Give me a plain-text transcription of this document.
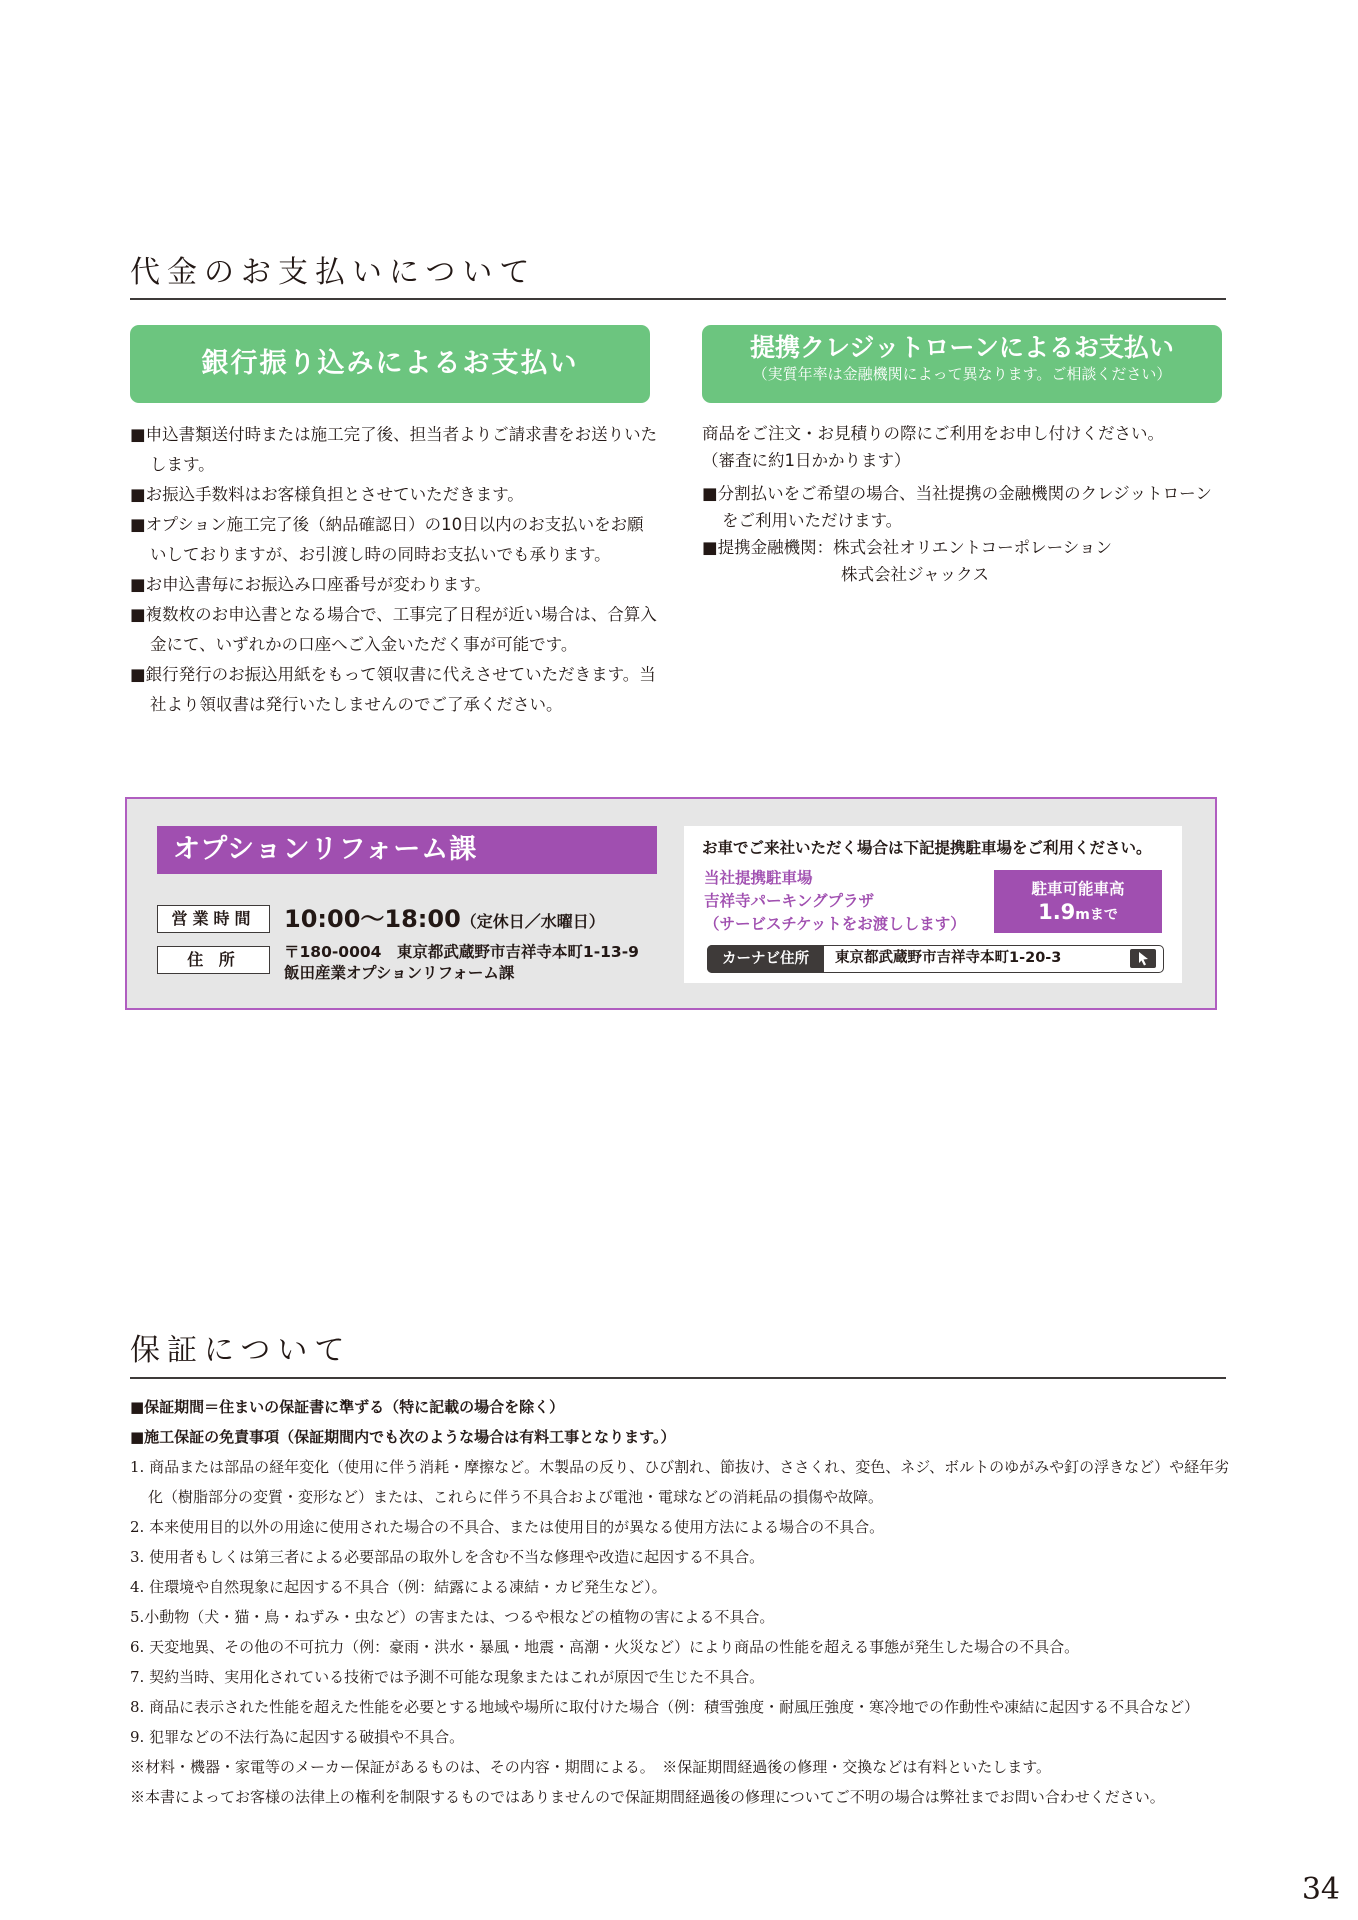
代金のお支払いについて
銀行振り込みによるお支払い
■申込書類送付時または施工完了後、担当者よりご請求書をお送りいたします。
■お振込手数料はお客様負担とさせていただきます。
■オプション施工完了後（納品確認日）の10日以内のお支払いをお願いしておりますが、お引渡し時の同時お支払いでも承ります。
■お申込書毎にお振込み口座番号が変わります。
■複数枚のお申込書となる場合で、工事完了日程が近い場合は、合算入金にて、いずれかの口座へご入金いただく事が可能です。
■銀行発行のお振込用紙をもって領収書に代えさせていただきます。当社より領収書は発行いたしませんのでご了承ください。
提携クレジットローンによるお支払い
（実質年率は金融機関によって異なります。ご相談ください）
商品をご注文・お見積りの際にご利用をお申し付けください。
（審査に約1日かかります）
■分割払いをご希望の場合、当社提携の金融機関のクレジットローンをご利用いただけます。
■提携金融機関：株式会社オリエントコーポレーション
株式会社ジャックス
オプションリフォーム課
営業時間	10:00〜18:00（定休日／水曜日）
住 所	〒180-0004　東京都武蔵野市吉祥寺本町1-13-9
飯田産業オプションリフォーム課
お車でご来社いただく場合は下記提携駐車場をご利用ください。
当社提携駐車場
吉祥寺パーキングプラザ
（サービスチケットをお渡しします）
駐車可能車高
1.9mまで
カーナビ住所	東京都武蔵野市吉祥寺本町1-20-3
保証について
■保証期間＝住まいの保証書に準ずる（特に記載の場合を除く）
■施工保証の免責事項（保証期間内でも次のような場合は有料工事となります。）
1. 商品または部品の経年変化（使用に伴う消耗・摩擦など。木製品の反り、ひび割れ、節抜け、ささくれ、変色、ネジ、ボルトのゆがみや釘の浮きなど）や経年劣化（樹脂部分の変質・変形など）または、これらに伴う不具合および電池・電球などの消耗品の損傷や故障。
2. 本来使用目的以外の用途に使用された場合の不具合、または使用目的が異なる使用方法による場合の不具合。
3. 使用者もしくは第三者による必要部品の取外しを含む不当な修理や改造に起因する不具合。
4. 住環境や自然現象に起因する不具合（例：結露による凍結・カビ発生など）。
5.小動物（犬・猫・鳥・ねずみ・虫など）の害または、つるや根などの植物の害による不具合。
6. 天変地異、その他の不可抗力（例：豪雨・洪水・暴風・地震・高潮・火災など）により商品の性能を超える事態が発生した場合の不具合。
7. 契約当時、実用化されている技術では予測不可能な現象またはこれが原因で生じた不具合。
8. 商品に表示された性能を超えた性能を必要とする地域や場所に取付けた場合（例：積雪強度・耐風圧強度・寒冷地での作動性や凍結に起因する不具合など）
9. 犯罪などの不法行為に起因する破損や不具合。
※材料・機器・家電等のメーカー保証があるものは、その内容・期間による。　※保証期間経過後の修理・交換などは有料といたします。
※本書によってお客様の法律上の権利を制限するものではありませんので保証期間経過後の修理についてご不明の場合は弊社までお問い合わせください。
34
